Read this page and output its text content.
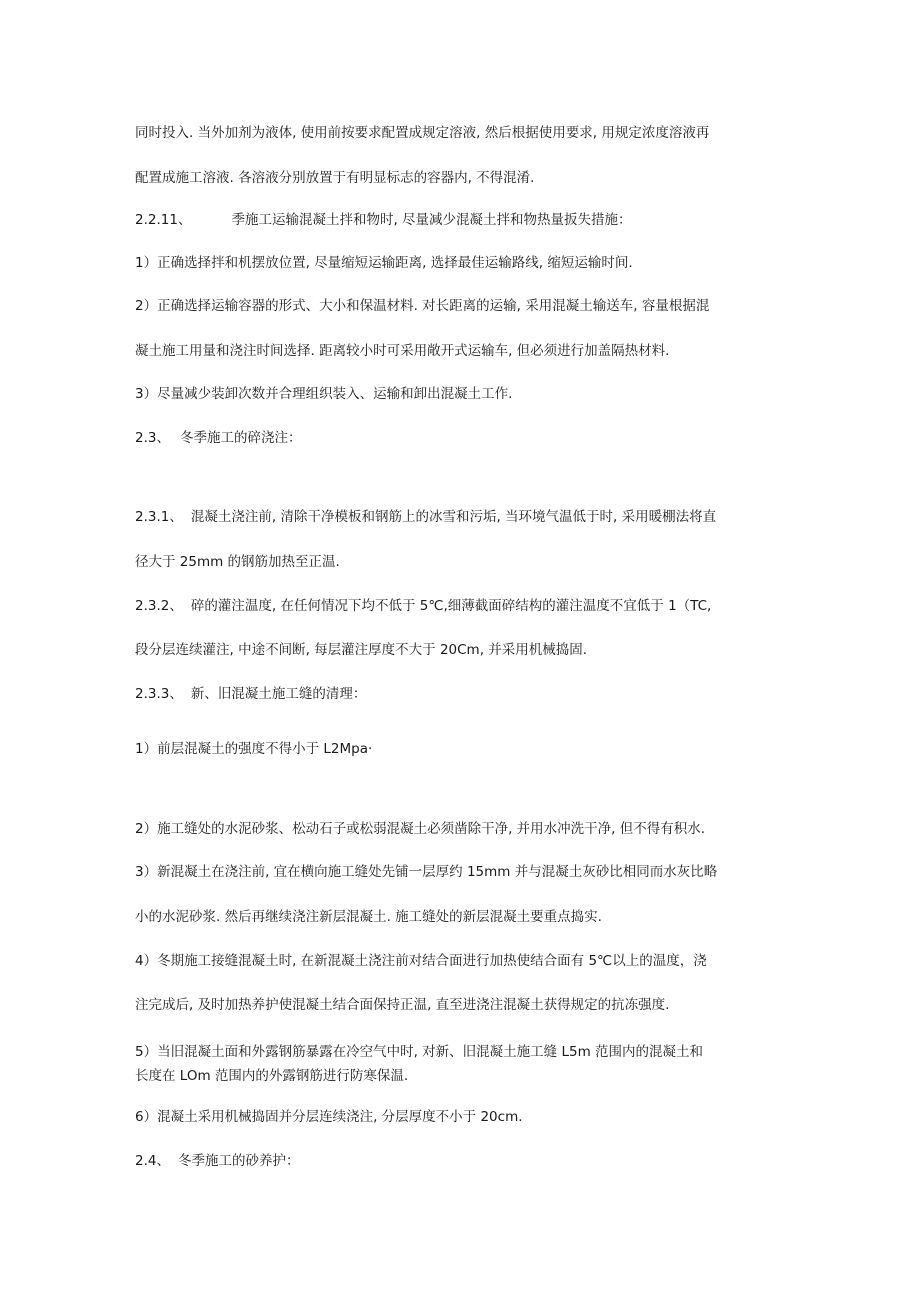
同时投入. 当外加剂为液体, 使用前按要求配置成规定溶液, 然后根据使用要求, 用规定浓度溶液再
配置成施工溶液. 各溶液分别放置于有明显标志的容器内, 不得混淆.
2.2.11、	季施工运输混凝土拌和物时, 尽量减少混凝土拌和物热量扳失措施：
1）正确选择拌和机摆放位置, 尽量缩短运输距离, 选择最佳运输路线, 缩短运输时间.
2）正确选择运输容器的形式、大小和保温材料. 对长距离的运输, 采用混凝土输送车, 容量根据混
凝土施工用量和浇注时间选择. 距离较小时可采用敞开式运输车, 但必须进行加盖隔热材料.
3）尽量减少装卸次数并合理组织装入、运输和卸出混凝土工作.
2.3、 冬季施工的碎浇注：
2.3.1、 混凝土浇注前, 清除干净模板和钢筋上的冰雪和污垢, 当环境气温低于时, 采用暖棚法将直
径大于 25mm 的钢筋加热至正温.
2.3.2、 碎的灌注温度, 在任何情况下均不低于 5℃,细薄截面碎结构的灌注温度不宜低于 1（TC,
段分层连续灌注, 中途不间断, 每层灌注厚度不大于 20Cm, 并采用机械捣固.
2.3.3、 新、旧混凝土施工缝的清理：
1）前层混凝土的强度不得小于 L2Mpa·
2）施工缝处的水泥砂浆、松动石子或松弱混凝土必须凿除干净, 并用水冲洗干净, 但不得有积水.
3）新混凝土在浇注前, 宜在横向施工缝处先铺一层厚约 15mm 并与混凝土灰砂比相同而水灰比略
小的水泥砂浆. 然后再继续浇注新层混凝土. 施工缝处的新层混凝土要重点捣实.
4）冬期施工接缝混凝土时, 在新混凝土浇注前对结合面进行加热使结合面有 5℃以上的温度，浇
注完成后, 及时加热养护使混凝土结合面保持正温, 直至进浇注混凝土获得规定的抗冻强度.
5）当旧混凝土面和外露钢筋暴露在冷空气中时, 对新、旧混凝土施工缝 L5m 范围内的混凝土和
长度在 LOm 范围内的外露钢筋进行防寒保温.
6）混凝土采用机械捣固并分层连续浇注, 分层厚度不小于 20cm.
2.4、 冬季施工的砂养护：
